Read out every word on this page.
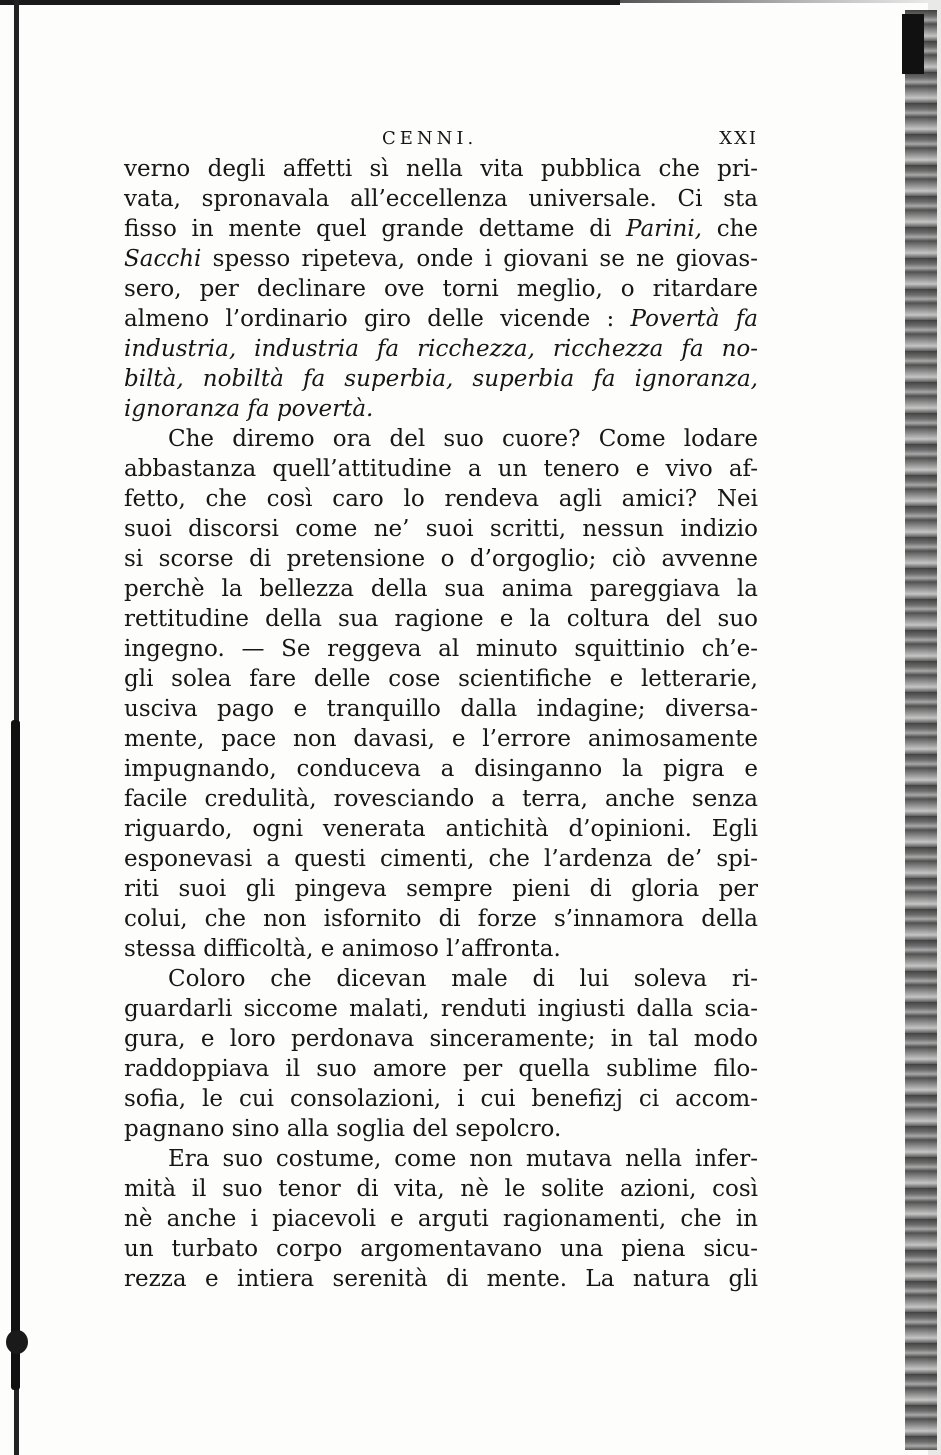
CENNI.	XXI
verno degli affetti sì nella vita pubblica che pri-
vata, spronavala all’eccellenza universale. Ci sta
fisso in mente quel grande dettame di Parini, che
Sacchi spesso ripeteva, onde i giovani se ne giovas-
sero, per declinare ove torni meglio, o ritardare
almeno l’ordinario giro delle vicende : Povertà fa
industria, industria fa ricchezza, ricchezza fa no-
biltà, nobiltà fa superbia, superbia fa ignoranza,
ignoranza fa povertà.
Che diremo ora del suo cuore? Come lodare
abbastanza quell’attitudine a un tenero e vivo af-
fetto, che così caro lo rendeva agli amici? Nei
suoi discorsi come ne’ suoi scritti, nessun indizio
si scorse di pretensione o d’orgoglio; ciò avvenne
perchè la bellezza della sua anima pareggiava la
rettitudine della sua ragione e la coltura del suo
ingegno. — Se reggeva al minuto squittinio ch’e-
gli solea fare delle cose scientifiche e letterarie,
usciva pago e tranquillo dalla indagine; diversa-
mente, pace non davasi, e l’errore animosamente
impugnando, conduceva a disinganno la pigra e
facile credulità, rovesciando a terra, anche senza
riguardo, ogni venerata antichità d’opinioni. Egli
esponevasi a questi cimenti, che l’ardenza de’ spi-
riti suoi gli pingeva sempre pieni di gloria per
colui, che non isfornito di forze s’innamora della
stessa difficoltà, e animoso l’affronta.
Coloro che dicevan male di lui soleva ri-
guardarli siccome malati, renduti ingiusti dalla scia-
gura, e loro perdonava sinceramente; in tal modo
raddoppiava il suo amore per quella sublime filo-
sofia, le cui consolazioni, i cui benefizj ci accom-
pagnano sino alla soglia del sepolcro.
Era suo costume, come non mutava nella infer-
mità il suo tenor di vita, nè le solite azioni, così
nè anche i piacevoli e arguti ragionamenti, che in
un turbato corpo argomentavano una piena sicu-
rezza e intiera serenità di mente. La natura gli
